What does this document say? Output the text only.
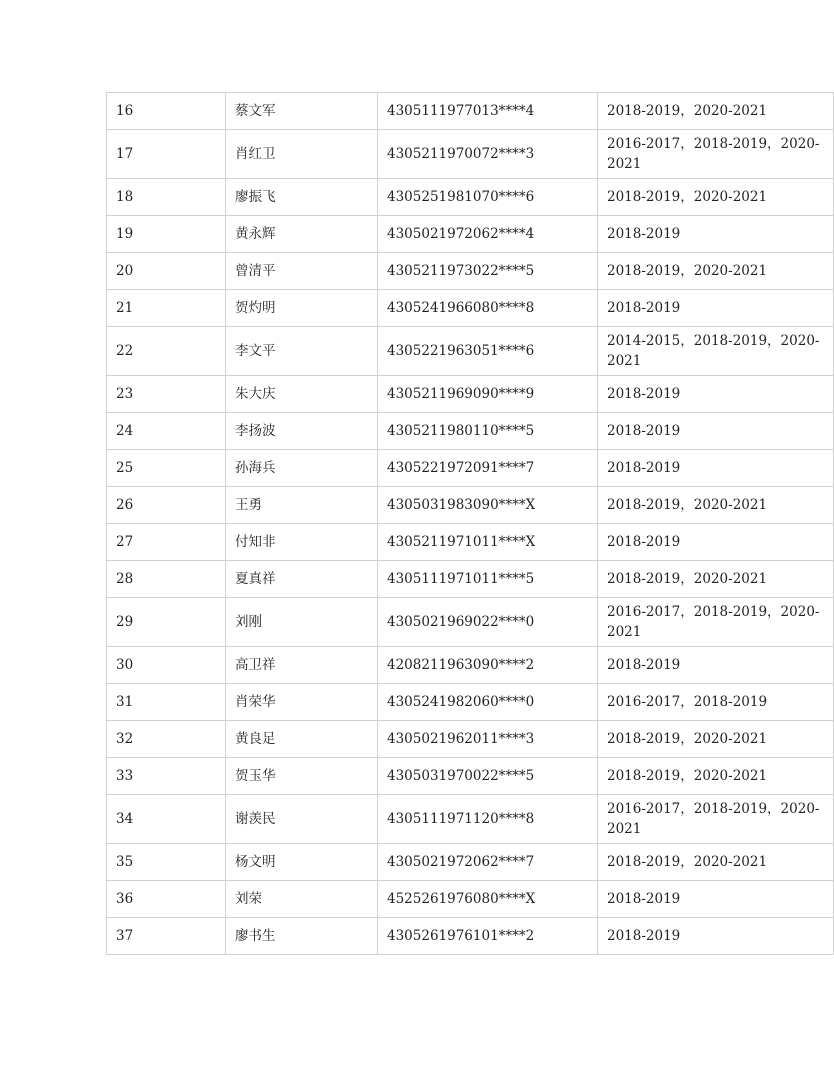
16	蔡文军	4305111977013****4	2018-2019，2020-2021
17	肖红卫	4305211970072****3	2016-2017，2018-2019，2020-2021
18	廖振飞	4305251981070****6	2018-2019，2020-2021
19	黄永辉	4305021972062****4	2018-2019
20	曾清平	4305211973022****5	2018-2019，2020-2021
21	贺灼明	4305241966080****8	2018-2019
22	李文平	4305221963051****6	2014-2015，2018-2019，2020-2021
23	朱大庆	4305211969090****9	2018-2019
24	李扬波	4305211980110****5	2018-2019
25	孙海兵	4305221972091****7	2018-2019
26	王勇	4305031983090****X	2018-2019，2020-2021
27	付知非	4305211971011****X	2018-2019
28	夏真祥	4305111971011****5	2018-2019，2020-2021
29	刘刚	4305021969022****0	2016-2017，2018-2019，2020-2021
30	高卫祥	4208211963090****2	2018-2019
31	肖荣华	4305241982060****0	2016-2017，2018-2019
32	黄良足	4305021962011****3	2018-2019，2020-2021
33	贺玉华	4305031970022****5	2018-2019，2020-2021
34	谢羡民	4305111971120****8	2016-2017，2018-2019，2020-2021
35	杨文明	4305021972062****7	2018-2019，2020-2021
36	刘荣	4525261976080****X	2018-2019
37	廖书生	4305261976101****2	2018-2019
